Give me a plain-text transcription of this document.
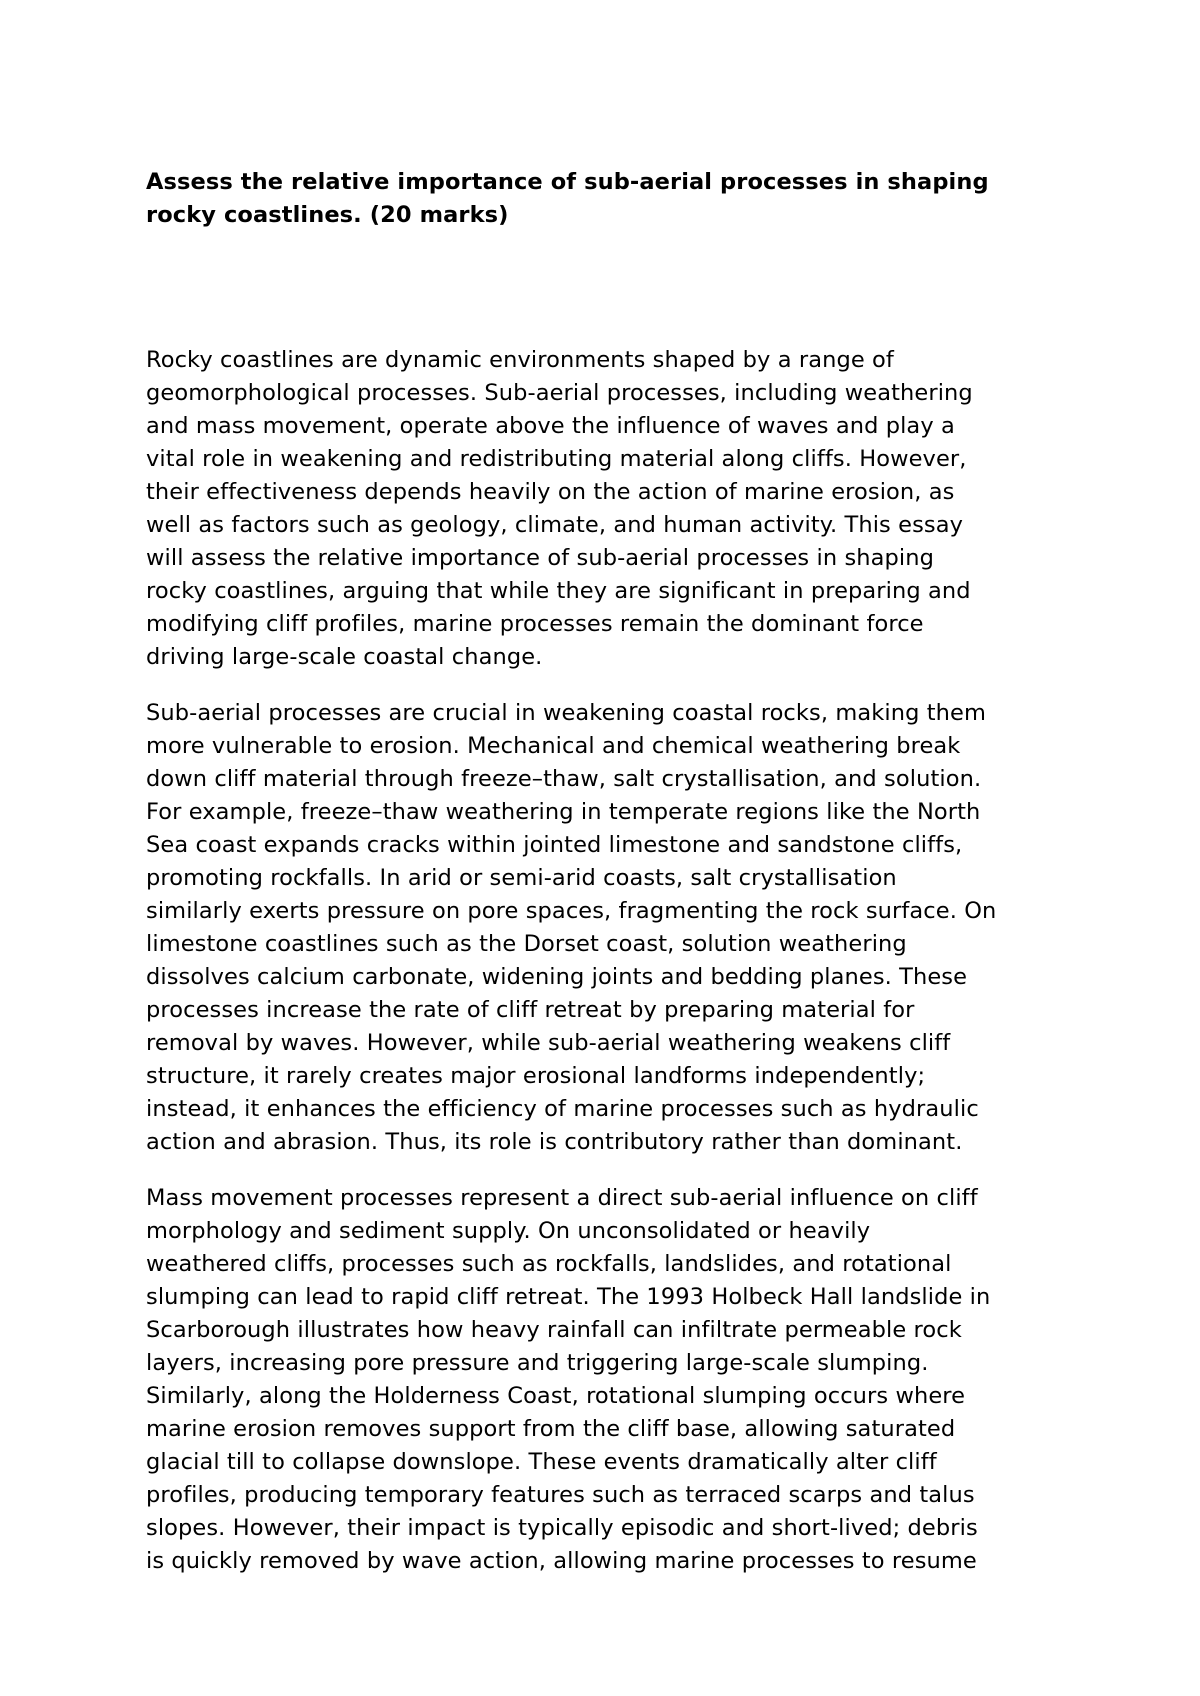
Assess the relative importance of sub-aerial processes in shaping
rocky coastlines. (20 marks)
Rocky coastlines are dynamic environments shaped by a range of
geomorphological processes. Sub-aerial processes, including weathering
and mass movement, operate above the influence of waves and play a
vital role in weakening and redistributing material along cliffs. However,
their effectiveness depends heavily on the action of marine erosion, as
well as factors such as geology, climate, and human activity. This essay
will assess the relative importance of sub-aerial processes in shaping
rocky coastlines, arguing that while they are significant in preparing and
modifying cliff profiles, marine processes remain the dominant force
driving large-scale coastal change.
Sub-aerial processes are crucial in weakening coastal rocks, making them
more vulnerable to erosion. Mechanical and chemical weathering break
down cliff material through freeze–thaw, salt crystallisation, and solution.
For example, freeze–thaw weathering in temperate regions like the North
Sea coast expands cracks within jointed limestone and sandstone cliffs,
promoting rockfalls. In arid or semi-arid coasts, salt crystallisation
similarly exerts pressure on pore spaces, fragmenting the rock surface. On
limestone coastlines such as the Dorset coast, solution weathering
dissolves calcium carbonate, widening joints and bedding planes. These
processes increase the rate of cliff retreat by preparing material for
removal by waves. However, while sub-aerial weathering weakens cliff
structure, it rarely creates major erosional landforms independently;
instead, it enhances the efficiency of marine processes such as hydraulic
action and abrasion. Thus, its role is contributory rather than dominant.
Mass movement processes represent a direct sub-aerial influence on cliff
morphology and sediment supply. On unconsolidated or heavily
weathered cliffs, processes such as rockfalls, landslides, and rotational
slumping can lead to rapid cliff retreat. The 1993 Holbeck Hall landslide in
Scarborough illustrates how heavy rainfall can infiltrate permeable rock
layers, increasing pore pressure and triggering large-scale slumping.
Similarly, along the Holderness Coast, rotational slumping occurs where
marine erosion removes support from the cliff base, allowing saturated
glacial till to collapse downslope. These events dramatically alter cliff
profiles, producing temporary features such as terraced scarps and talus
slopes. However, their impact is typically episodic and short-lived; debris
is quickly removed by wave action, allowing marine processes to resume
